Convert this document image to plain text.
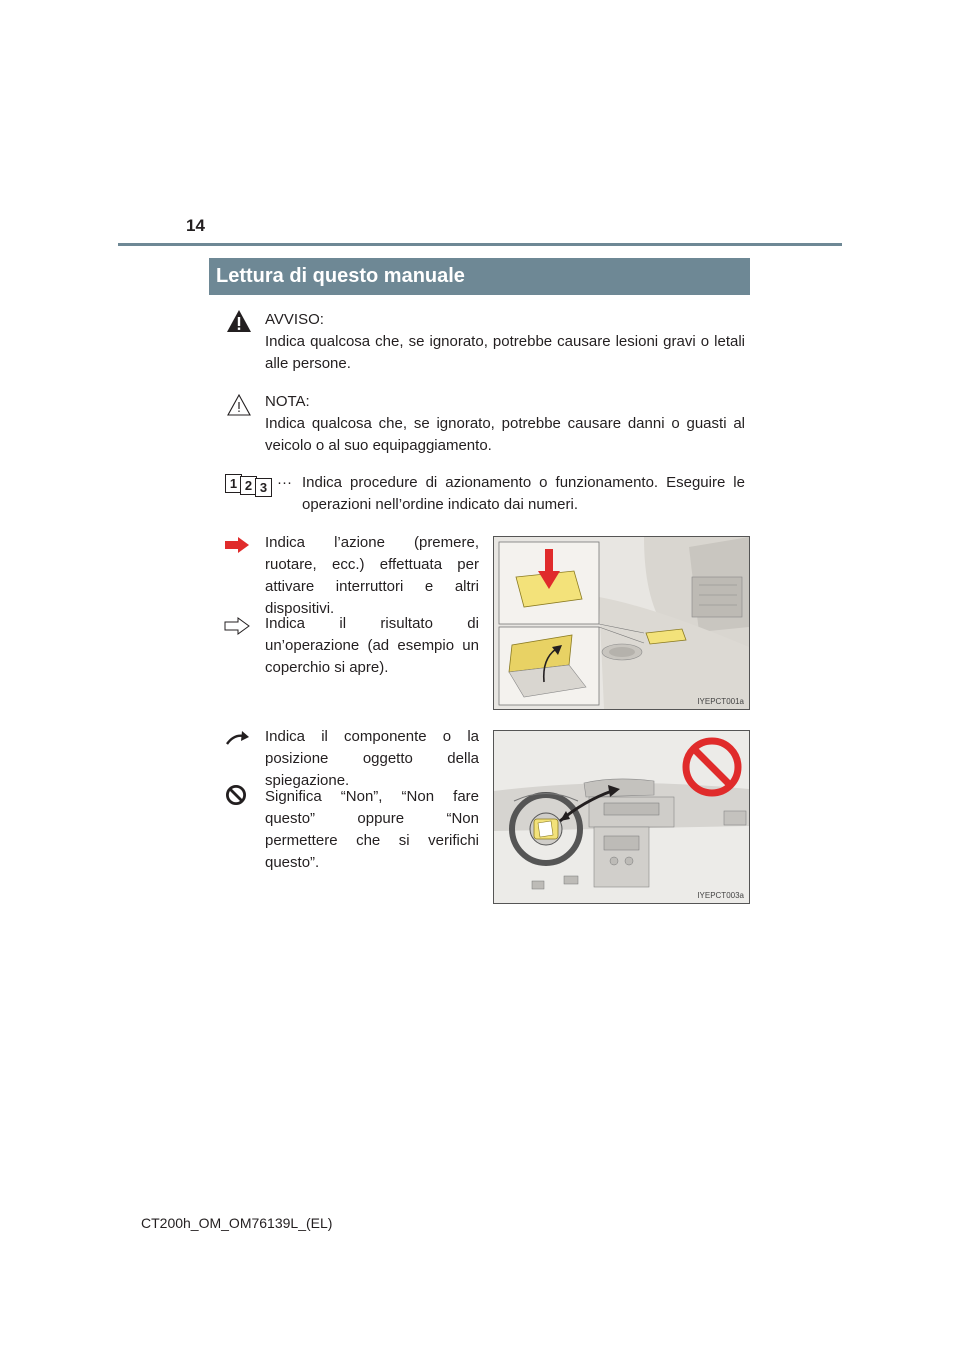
14
Lettura di questo manuale
AVVISO:
Indica qualcosa che, se ignorato, potrebbe causare lesioni gravi o letali alle persone.
NOTA:
Indica qualcosa che, se ignorato, potrebbe causare danni o guasti al veicolo o al suo equipaggiamento.
1 2 3 ··· Indica procedure di azionamento o funzionamento. Eseguire le operazioni nell’ordine indicato dai numeri.
Indica l’azione (premere, ruotare, ecc.) effettuata per attivare interruttori e altri dispositivi.
Indica il risultato di un’operazione (ad esempio un coperchio si apre).
IYEPCT001a
Indica il componente o la posizione oggetto della spiegazione.
Significa “Non”, “Non fare questo” oppure “Non permettere che si verifichi questo”.
IYEPCT003a
CT200h_OM_OM76139L_(EL)
